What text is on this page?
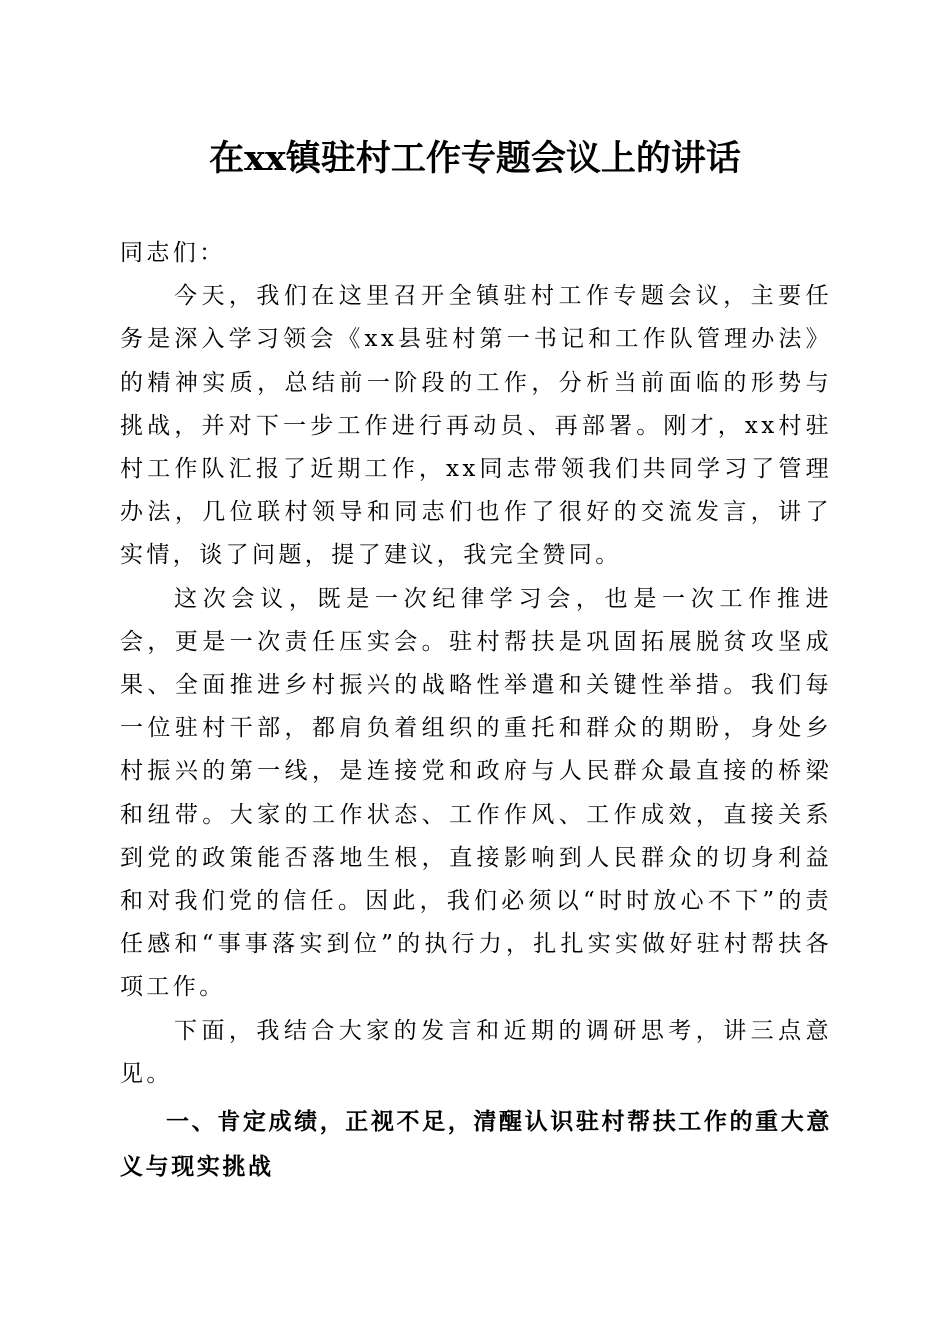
在xx镇驻村工作专题会议上的讲话

同志们：

今天，我们在这里召开全镇驻村工作专题会议，主要任务是深入学习领会《xx县驻村第一书记和工作队管理办法》的精神实质，总结前一阶段的工作，分析当前面临的形势与挑战，并对下一步工作进行再动员、再部署。刚才，xx村驻村工作队汇报了近期工作，xx同志带领我们共同学习了管理办法，几位联村领导和同志们也作了很好的交流发言，讲了实情，谈了问题，提了建议，我完全赞同。

这次会议，既是一次纪律学习会，也是一次工作推进会，更是一次责任压实会。驻村帮扶是巩固拓展脱贫攻坚成果、全面推进乡村振兴的战略性举遣和关键性举措。我们每一位驻村干部，都肩负着组织的重托和群众的期盼，身处乡村振兴的第一线，是连接党和政府与人民群众最直接的桥梁和纽带。大家的工作状态、工作作风、工作成效，直接关系到党的政策能否落地生根，直接影响到人民群众的切身利益和对我们党的信任。因此，我们必须以“时时放心不下”的责任感和“事事落实到位”的执行力，扎扎实实做好驻村帮扶各项工作。

下面，我结合大家的发言和近期的调研思考，讲三点意见。

一、肯定成绩，正视不足，清醒认识驻村帮扶工作的重大意义与现实挑战
